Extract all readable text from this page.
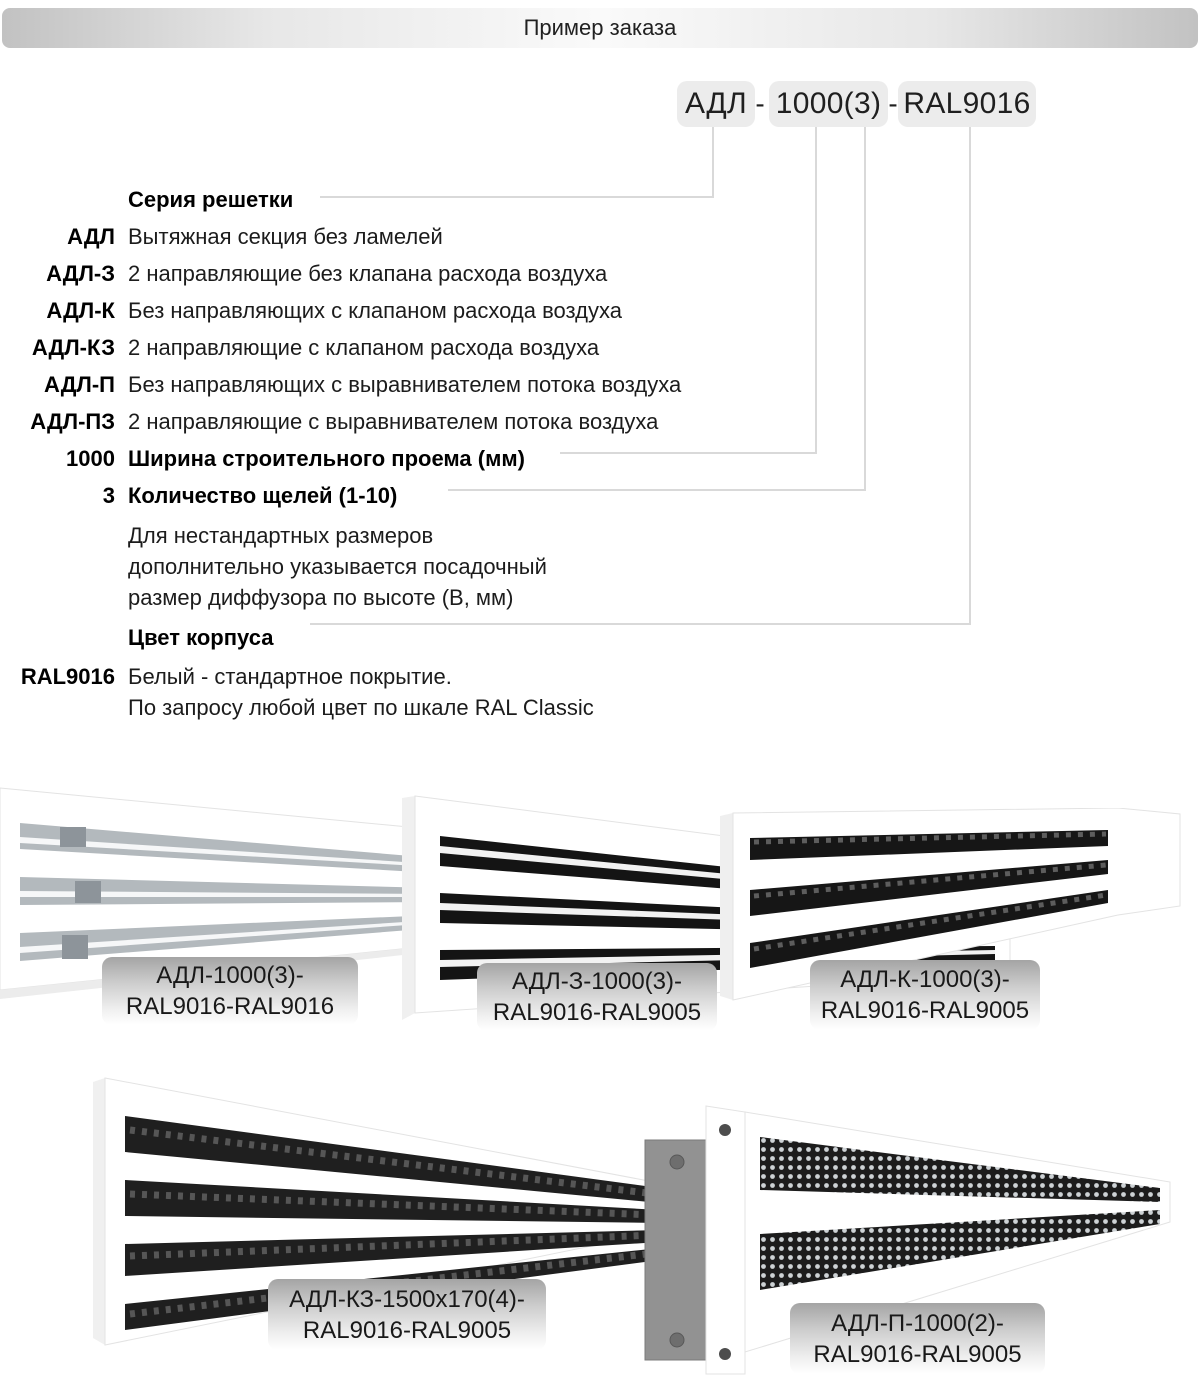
Пример заказа
АДЛ - 1000(3) - RAL9016
Серия решетки
АДЛ Вытяжная секция без ламелей
АДЛ-З 2 направляющие без клапана расхода воздуха
АДЛ-К Без направляющих с клапаном расхода воздуха
АДЛ-КЗ 2 направляющие с клапаном расхода воздуха
АДЛ-П Без направляющих с выравнивателем потока воздуха
АДЛ-ПЗ 2 направляющие с выравнивателем потока воздуха
1000 Ширина строительного проема (мм)
3 Количество щелей (1-10)
Для нестандартных размеров
дополнительно указывается посадочный
размер диффузора по высоте (В, мм)
Цвет корпуса
RAL9016 Белый - стандартное покрытие.
По запросу любой цвет по шкале RAL Classic
АДЛ-1000(3)-
RAL9016-RAL9016
АДЛ-З-1000(3)-
RAL9016-RAL9005
АДЛ-К-1000(3)-
RAL9016-RAL9005
АДЛ-КЗ-1500х170(4)-
RAL9016-RAL9005	АДЛ-П-1000(2)-
RAL9016-RAL9005
